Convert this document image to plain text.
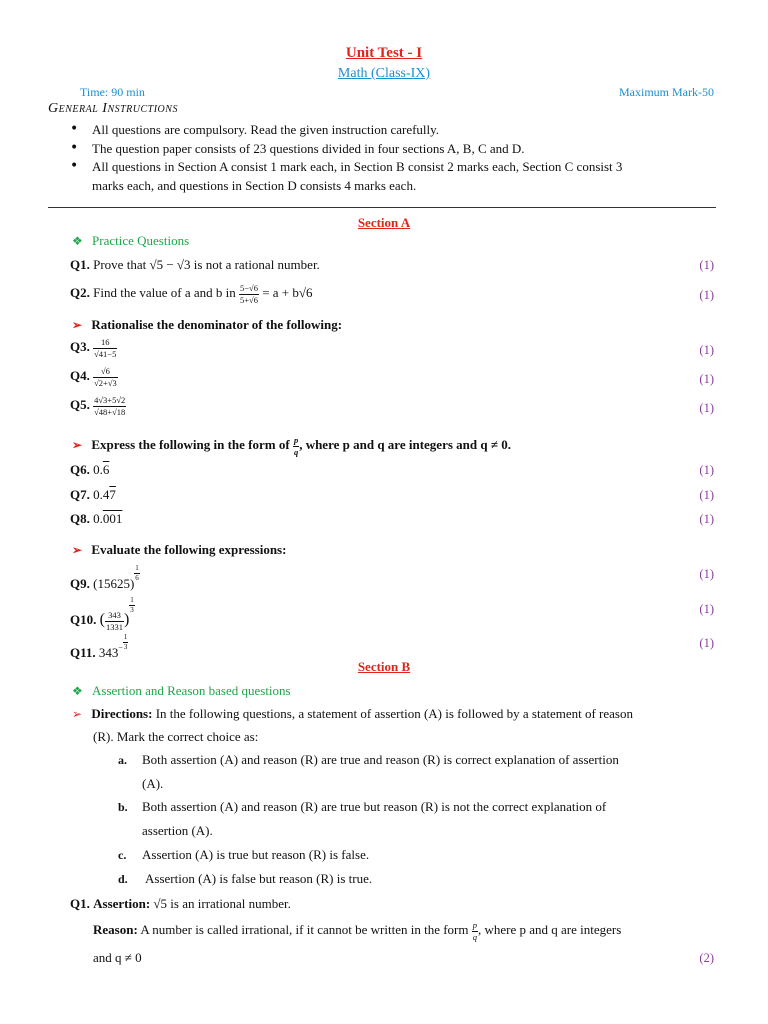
Unit Test - I
Math (Class-IX)
Time: 90 min	Maximum Mark-50
General Instructions
• All questions are compulsory. Read the given instruction carefully.
• The question paper consists of 23 questions divided in four sections A, B, C and D.
• All questions in Section A consist 1 mark each, in Section B consist 2 marks each, Section C consist 3
marks each, and questions in Section D consists 4 marks each.
Section A
❖ Practice Questions
Q1. Prove that √5 − √3 is not a rational number.	(1)
Q2. Find the value of a and b in $\frac{5-√6}{5+√6} = a + b√6$	(1)
➢ Rationalise the denominator of the following:
Q3. $\frac{16}{√41-5}$	(1)
Q4. $\frac{√6}{√2+√3}$	(1)
Q5. $\frac{4√3+5√2}{√48+√18}$	(1)
➢ Express the following in the form of $\frac{p}{q}$ , where p and q are integers and q ≠ 0.
Q6. 0.6	(1)
Q7. 0.47	(1)
Q8. 0.001	(1)
➢ Evaluate the following expressions:
Q9. (15625)
$\frac{1}{6}$	(1)
Q10. ( $\frac{343}{1331}$ )
$\frac{1}{3}$	(1)
Q11. $343^- \frac{1}{3}$	(1)
Section B
❖ Assertion and Reason based questions
➢ Directions: In the following questions, a statement of assertion (A) is followed by a statement of reason
(R). Mark the correct choice as:
a. Both assertion (A) and reason (R) are true and reason (R) is correct explanation of assertion
(A).
b. Both assertion (A) and reason (R) are true but reason (R) is not the correct explanation of
assertion (A).
c. Assertion (A) is true but reason (R) is false.
d. Assertion (A) is false but reason (R) is true.
Q1. Assertion: √5 is an irrational number.
Reason: A number is called irrational, if it cannot be written in the form $\frac{p}{q}$ , where p and q are integers
and q ≠ 0	(2)
